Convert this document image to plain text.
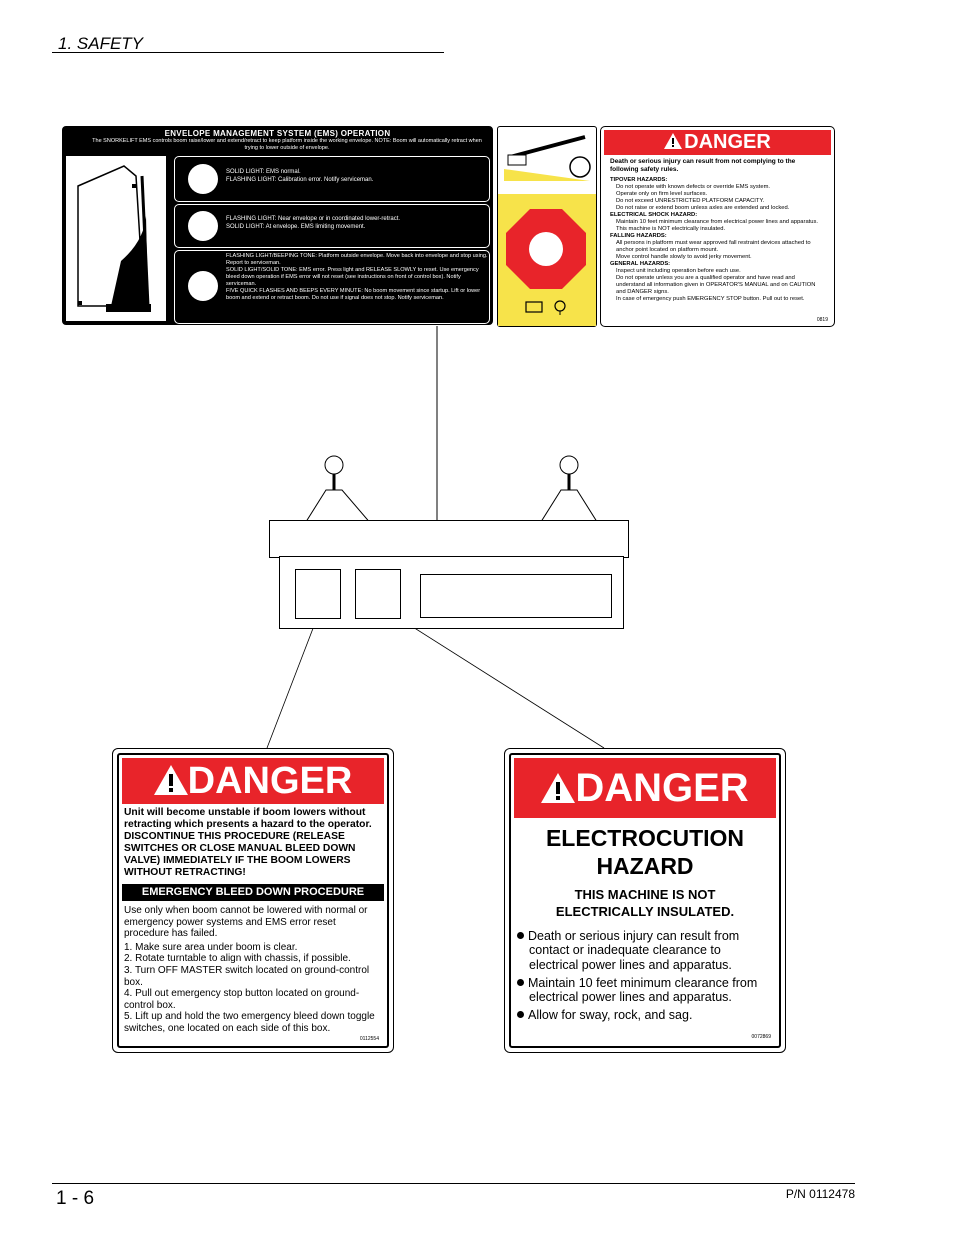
1. SAFETY
ENVELOPE MANAGEMENT SYSTEM (EMS) OPERATION
The SNORKELIFT EMS controls boom raise/lower and extend/retract to keep platform inside the working envelope. NOTE: Boom will automatically retract when trying to lower outside of envelope.
SOLID LIGHT: EMS normal.
FLASHING LIGHT: Calibration error. Notify serviceman.
FLASHING LIGHT: Near envelope or in coordinated lower-retract.
SOLID LIGHT: At envelope. EMS limiting movement.
FLASHING LIGHT/BEEPING TONE: Platform outside envelope. Move back into envelope and stop using. Report to serviceman.
SOLID LIGHT/SOLID TONE: EMS error. Press light and RELEASE SLOWLY to reset. Use emergency bleed down operation if EMS error will not reset (see instructions on front of control box). Notify serviceman.
FIVE QUICK FLASHES AND BEEPS EVERY MINUTE: No boom movement since startup. Lift or lower boom and extend or retract boom. Do not use if signal does not stop. Notify serviceman.
DANGER
Death or serious injury can result from not complying to the following safety rules.
TIPOVER HAZARDS:
Do not operate with known defects or override EMS system.
Operate only on firm level surfaces.
Do not exceed UNRESTRICTED PLATFORM CAPACITY.
Do not raise or extend boom unless axles are extended and locked.
ELECTRICAL SHOCK HAZARD:
Maintain 10 feet minimum clearance from electrical power lines and apparatus. This machine is NOT electrically insulated.
FALLING HAZARDS:
All persons in platform must wear approved fall restraint devices attached to anchor point located on platform mount.
Move control handle slowly to avoid jerky movement.
GENERAL HAZARDS:
Inspect unit including operation before each use.
Do not operate unless you are a qualified operator and have read and understand all information given in OPERATOR'S MANUAL and on CAUTION and DANGER signs.
In case of emergency push EMERGENCY STOP button. Pull out to reset.
0819
DANGER
Unit will become unstable if boom lowers without retracting which presents a hazard to the operator. DISCONTINUE THIS PROCEDURE (RELEASE SWITCHES OR CLOSE MANUAL BLEED DOWN VALVE) IMMEDIATELY IF THE BOOM LOWERS WITHOUT RETRACTING!
EMERGENCY BLEED DOWN PROCEDURE
Use only when boom cannot be lowered with normal or emergency power systems and EMS error reset procedure has failed.
1. Make sure area under boom is clear.
2. Rotate turntable to align with chassis, if possible.
3. Turn OFF MASTER switch located on ground-control box.
4. Pull out emergency stop button located on ground-control box.
5. Lift up and hold the two emergency bleed down toggle switches, one located on each side of this box.
0112554
DANGER
ELECTROCUTION
HAZARD
THIS MACHINE IS NOT
ELECTRICALLY INSULATED.
Death or serious injury can result from contact or inadequate clearance to electrical power lines and apparatus.
Maintain 10 feet minimum clearance from electrical power lines and apparatus.
Allow for sway, rock, and sag.
0072869
1 - 6	P/N 0112478
